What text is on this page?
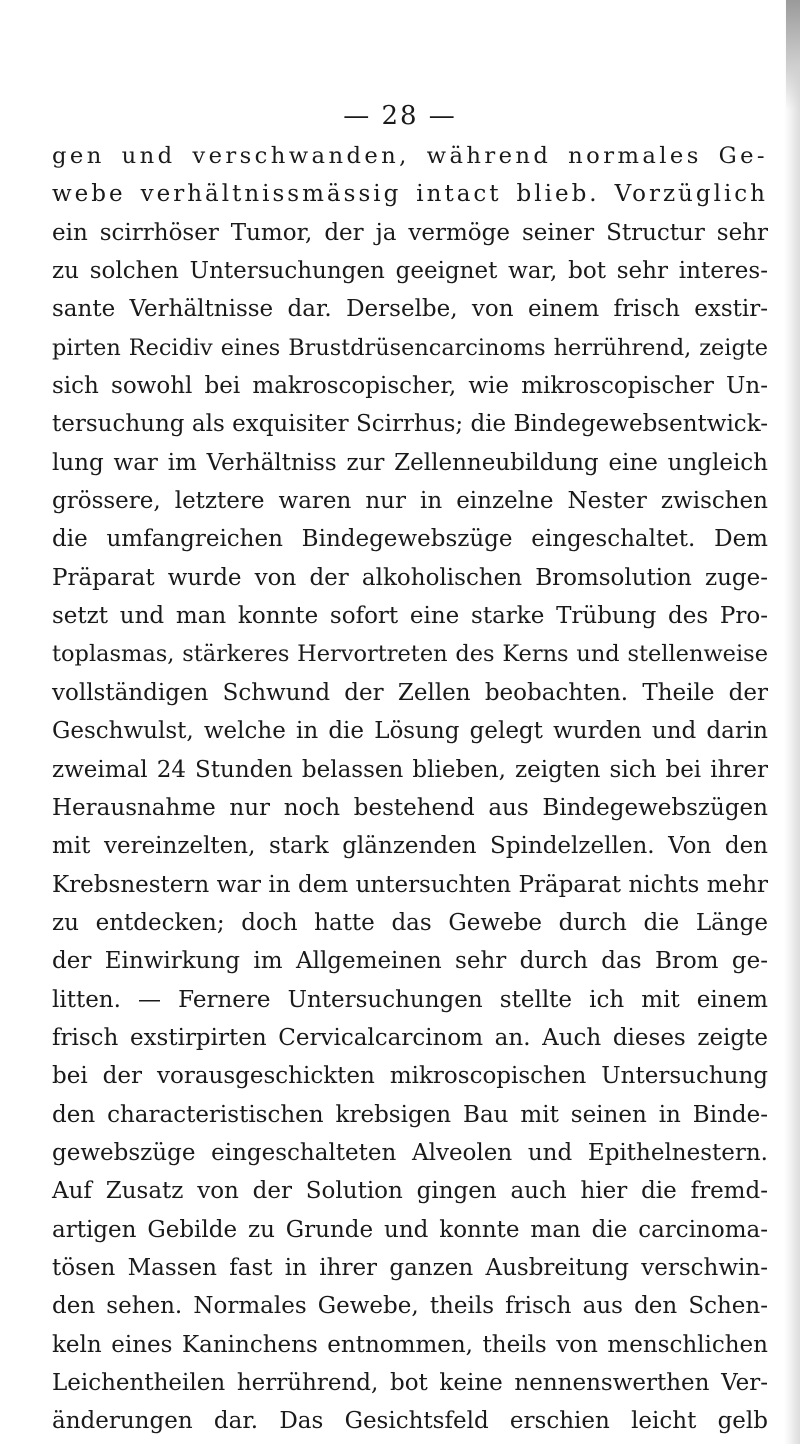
— 28 —
gen und verschwanden, während normales Ge-
webe verhältnissmässig intact blieb. Vorzüglich
ein scirrhöser Tumor, der ja vermöge seiner Structur sehr
zu solchen Untersuchungen geeignet war, bot sehr interes-
sante Verhältnisse dar. Derselbe, von einem frisch exstir-
pirten Recidiv eines Brustdrüsencarcinoms herrührend, zeigte
sich sowohl bei makroscopischer, wie mikroscopischer Un-
tersuchung als exquisiter Scirrhus; die Bindegewebsentwick-
lung war im Verhältniss zur Zellenneubildung eine ungleich
grössere, letztere waren nur in einzelne Nester zwischen
die umfangreichen Bindegewebszüge eingeschaltet. Dem
Präparat wurde von der alkoholischen Bromsolution zuge-
setzt und man konnte sofort eine starke Trübung des Pro-
toplasmas, stärkeres Hervortreten des Kerns und stellenweise
vollständigen Schwund der Zellen beobachten. Theile der
Geschwulst, welche in die Lösung gelegt wurden und darin
zweimal 24 Stunden belassen blieben, zeigten sich bei ihrer
Herausnahme nur noch bestehend aus Bindegewebszügen
mit vereinzelten, stark glänzenden Spindelzellen. Von den
Krebsnestern war in dem untersuchten Präparat nichts mehr
zu entdecken; doch hatte das Gewebe durch die Länge
der Einwirkung im Allgemeinen sehr durch das Brom ge-
litten. — Fernere Untersuchungen stellte ich mit einem
frisch exstirpirten Cervicalcarcinom an. Auch dieses zeigte
bei der vorausgeschickten mikroscopischen Untersuchung
den characteristischen krebsigen Bau mit seinen in Binde-
gewebszüge eingeschalteten Alveolen und Epithelnestern.
Auf Zusatz von der Solution gingen auch hier die fremd-
artigen Gebilde zu Grunde und konnte man die carcinoma-
tösen Massen fast in ihrer ganzen Ausbreitung verschwin-
den sehen. Normales Gewebe, theils frisch aus den Schen-
keln eines Kaninchens entnommen, theils von menschlichen
Leichentheilen herrührend, bot keine nennenswerthen Ver-
änderungen dar. Das Gesichtsfeld erschien leicht gelb
